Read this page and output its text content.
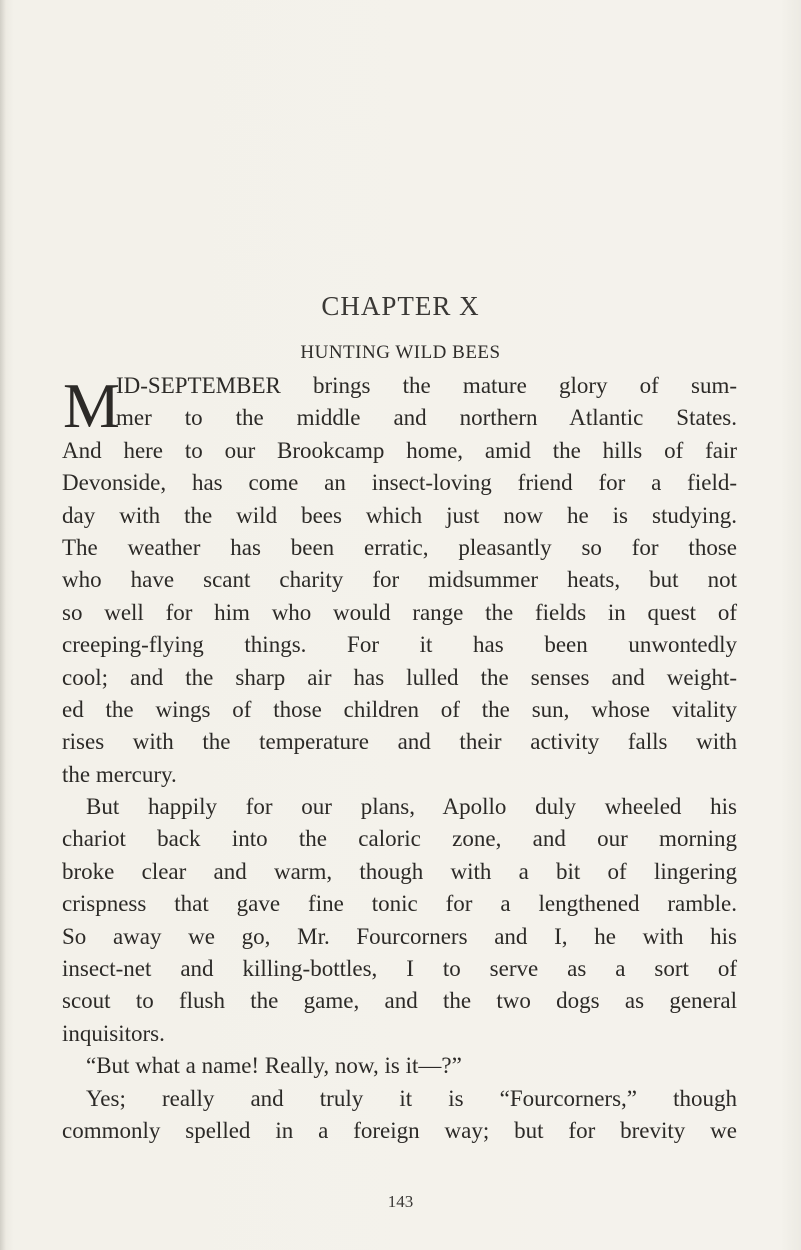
CHAPTER X
HUNTING WILD BEES
M
ID-SEPTEMBER brings the mature glory of sum-
mer to the middle and northern Atlantic States.
And here to our Brookcamp home, amid the hills of fair
Devonside, has come an insect-loving friend for a field-
day with the wild bees which just now he is studying.
The weather has been erratic, pleasantly so for those
who have scant charity for midsummer heats, but not
so well for him who would range the fields in quest of
creeping-flying things. For it has been unwontedly
cool; and the sharp air has lulled the senses and weight-
ed the wings of those children of the sun, whose vitality
rises with the temperature and their activity falls with
the mercury.
But happily for our plans, Apollo duly wheeled his
chariot back into the caloric zone, and our morning
broke clear and warm, though with a bit of lingering
crispness that gave fine tonic for a lengthened ramble.
So away we go, Mr. Fourcorners and I, he with his
insect-net and killing-bottles, I to serve as a sort of
scout to flush the game, and the two dogs as general
inquisitors.
“But what a name! Really, now, is it—?”
Yes; really and truly it is “Fourcorners,” though
commonly spelled in a foreign way; but for brevity we
143
